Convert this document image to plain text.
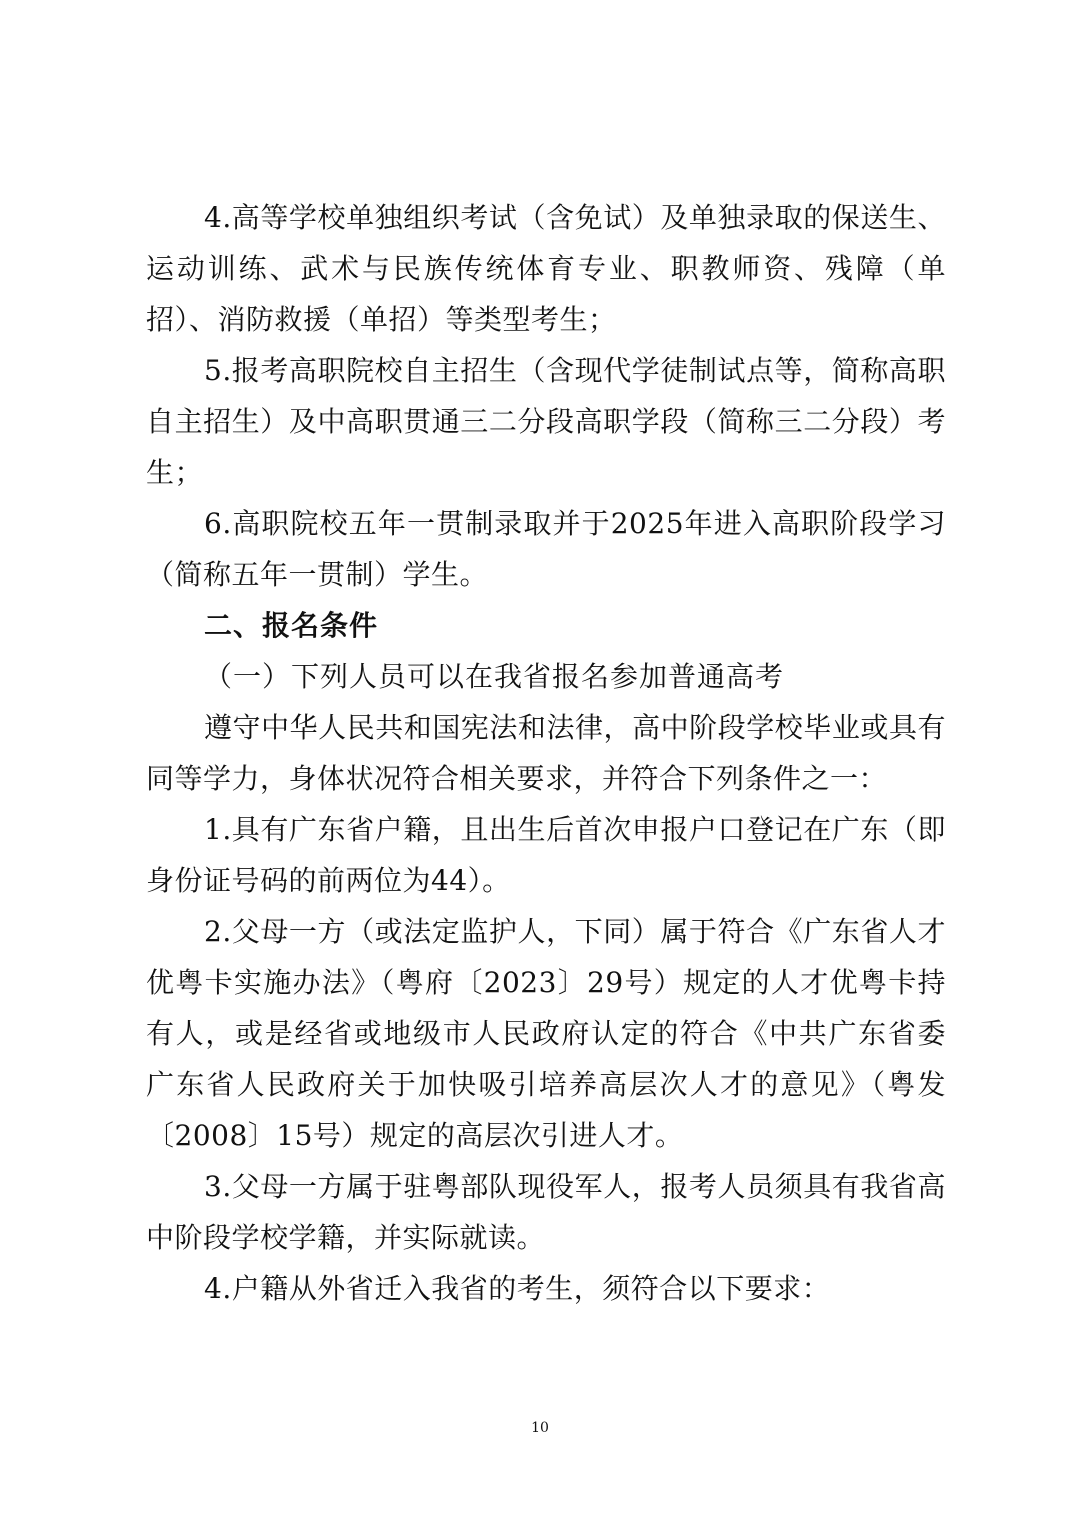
4.高等学校单独组织考试（含免试）及单独录取的保送生、运动训练、武术与民族传统体育专业、职教师资、残障（单招）、消防救援（单招）等类型考生；

5.报考高职院校自主招生（含现代学徒制试点等，简称高职自主招生）及中高职贯通三二分段高职学段（简称三二分段）考生；

6.高职院校五年一贯制录取并于2025年进入高职阶段学习（简称五年一贯制）学生。

二、报名条件

（一）下列人员可以在我省报名参加普通高考

遵守中华人民共和国宪法和法律，高中阶段学校毕业或具有同等学力，身体状况符合相关要求，并符合下列条件之一：

1.具有广东省户籍，且出生后首次申报户口登记在广东（即身份证号码的前两位为44）。

2.父母一方（或法定监护人，下同）属于符合《广东省人才优粤卡实施办法》（粤府〔2023〕29号）规定的人才优粤卡持有人，或是经省或地级市人民政府认定的符合《中共广东省委 广东省人民政府关于加快吸引培养高层次人才的意见》（粤发〔2008〕15号）规定的高层次引进人才。

3.父母一方属于驻粤部队现役军人，报考人员须具有我省高中阶段学校学籍，并实际就读。

4.户籍从外省迁入我省的考生，须符合以下要求：

10
